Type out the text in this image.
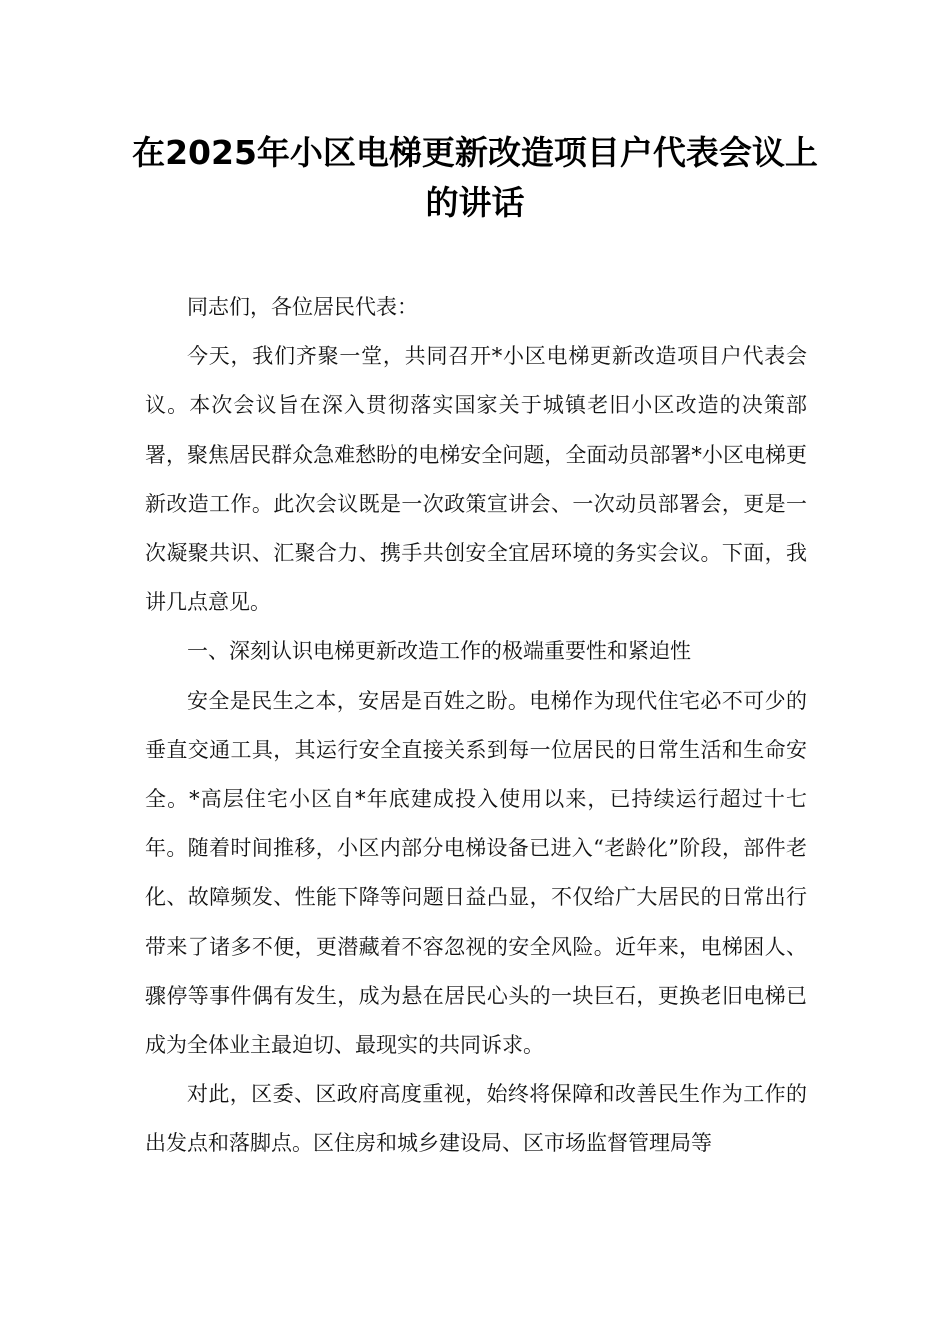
在2025年小区电梯更新改造项目户代表会议上的讲话

同志们，各位居民代表：

今天，我们齐聚一堂，共同召开*小区电梯更新改造项目户代表会议。本次会议旨在深入贯彻落实国家关于城镇老旧小区改造的决策部署，聚焦居民群众急难愁盼的电梯安全问题，全面动员部署*小区电梯更新改造工作。此次会议既是一次政策宣讲会、一次动员部署会，更是一次凝聚共识、汇聚合力、携手共创安全宜居环境的务实会议。下面，我讲几点意见。

一、深刻认识电梯更新改造工作的极端重要性和紧迫性

安全是民生之本，安居是百姓之盼。电梯作为现代住宅必不可少的垂直交通工具，其运行安全直接关系到每一位居民的日常生活和生命安全。*高层住宅小区自*年底建成投入使用以来，已持续运行超过十七年。随着时间推移，小区内部分电梯设备已进入“老龄化”阶段，部件老化、故障频发、性能下降等问题日益凸显，不仅给广大居民的日常出行带来了诸多不便，更潜藏着不容忽视的安全风险。近年来，电梯困人、骤停等事件偶有发生，成为悬在居民心头的一块巨石，更换老旧电梯已成为全体业主最迫切、最现实的共同诉求。

对此，区委、区政府高度重视，始终将保障和改善民生作为工作的出发点和落脚点。区住房和城乡建设局、区市场监督管理局等
